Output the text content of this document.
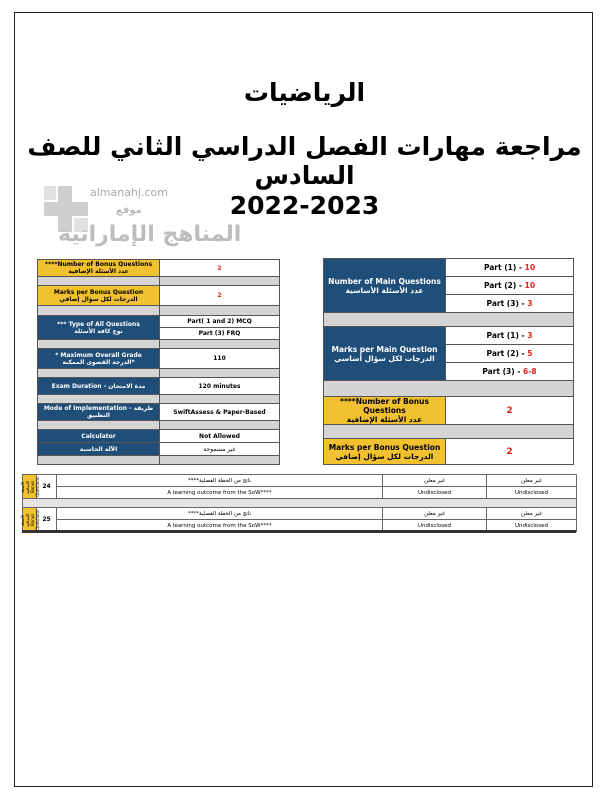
الرياضيات
مراجعة مهارات الفصل الدراسي الثاني للصف السادس
2022-2023
almanahj.com
موقع
المناهج الإماراتية
****Number of Bonus Questions
عدد الأسئلة الإضافية	2

Marks per Bonus Question
الدرجات لكل سؤال إضافي	2

*** Type of All Questions
نوع كافة الأسئلة	Part( 1 and 2) MCQ
	Part (3) FRQ

* Maximum Overall Grade
*الدرجة القصوى الممكنة	110

Exam Duration - مدة الامتحان	120 minutes

Mode of Implementation - طريقة التطبيق	SwiftAssess & Paper-Based

Calculator	Not Allowed

الآلة الحاسبة	غير مسموحة

Number of Main Questions
عدد الأسئلة الأساسية	Part (1) - 10
	Part (2) - 10
	Part (3) - 3

Marks per Main Question
الدرجات لكل سؤال أساسي	Part (1) - 3
	Part (2) - 5
	Part (3) - 6-8

****Number of Bonus Questions
عدد الأسئلة الإضافية	2

Marks per Bonus Question
الدرجات لكل سؤال إضافي	2
الأسئلة الإضافية Bonus Questions	24	ناتج من الخطة الفصلية****	غير معلن	غير معلن

		A learning outcome from the SoW****	Undisclosed	Undisclosed

الأسئلة الإضافية Bonus Questions	25	ناتج من الخطة الفصلية****	غير معلن	غير معلن

		A learning outcome from the SoW****	Undisclosed	Undisclosed
